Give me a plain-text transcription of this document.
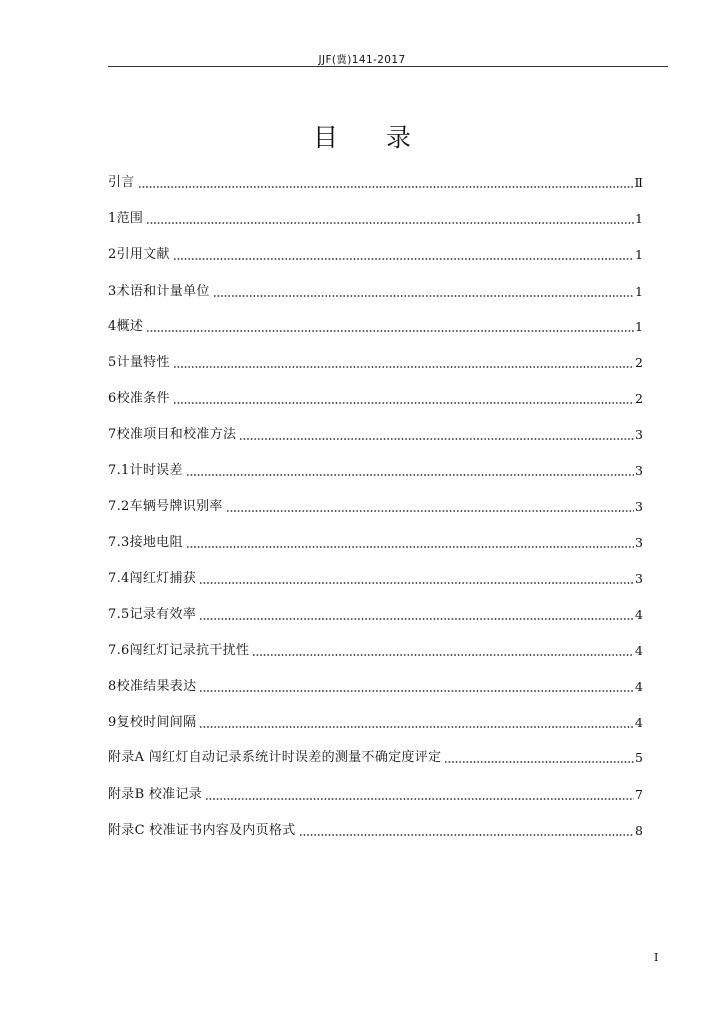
JJF(冀)141-2017
目录
引言	Ⅱ
1范围	1
2引用文献	1
3术语和计量单位	1
4概述	1
5计量特性	2
6校准条件	2
7校准项目和校准方法	3
7.1计时误差	3
7.2车辆号牌识别率	3
7.3接地电阻	3
7.4闯红灯捕获	3
7.5记录有效率	4
7.6闯红灯记录抗干扰性	4
8校准结果表达	4
9复校时间间隔	4
附录A 闯红灯自动记录系统计时误差的测量不确定度评定	5
附录B 校准记录	7
附录C 校准证书内容及内页格式	8
I
